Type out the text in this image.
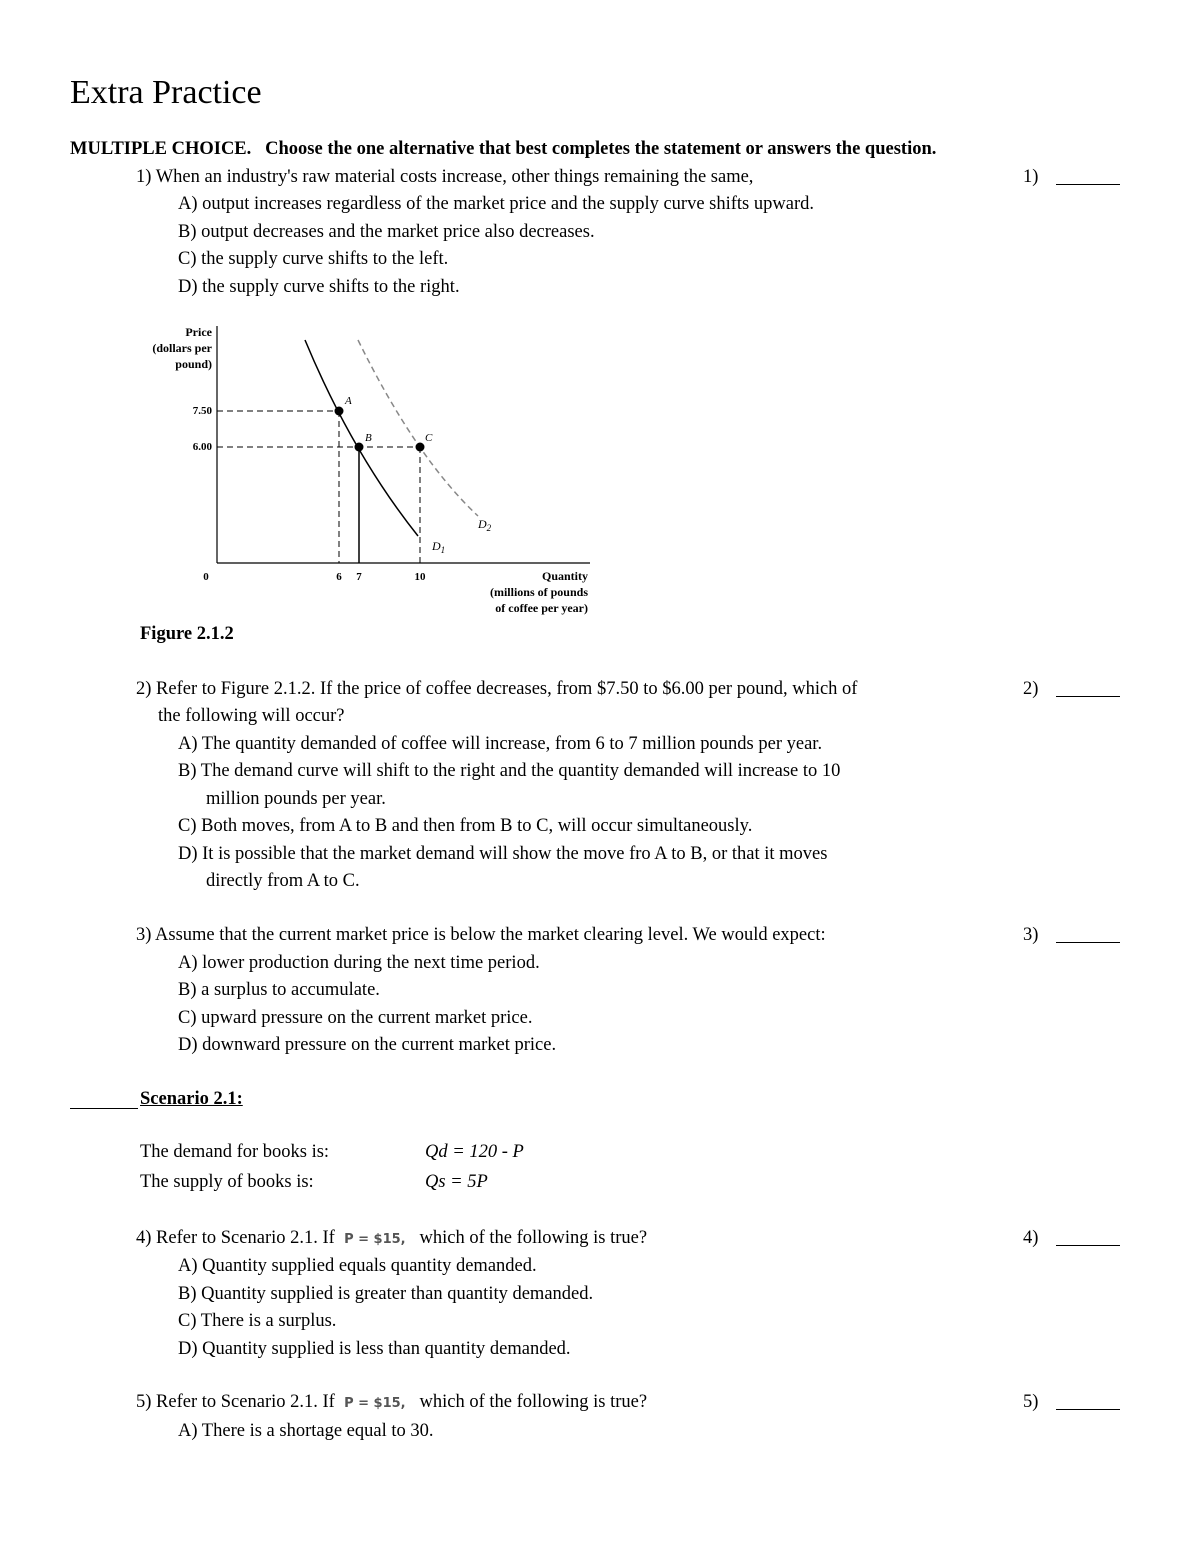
Extra Practice
MULTIPLE CHOICE. Choose the one alternative that best completes the statement or answers the question.
1) When an industry's raw material costs increase, other things remaining the same,	1)
A) output increases regardless of the market price and the supply curve shifts upward.
B) output decreases and the market price also decreases.
C) the supply curve shifts to the left.
D) the supply curve shifts to the right.
Price
(dollars per
pound)
7.50
6.00
0	6 7	10	Quantity
(millions of pounds
of coffee per year)
$D_1$
$D_2$
A
B	C
Figure 2.1.2
2) Refer to Figure 2.1.2. If the price of coffee decreases, from $7.50 to $6.00 per pound, which of
the following will occur?
2)
A) The quantity demanded of coffee will increase, from 6 to 7 million pounds per year.
B) The demand curve will shift to the right and the quantity demanded will increase to 10
million pounds per year.
C) Both moves, from A to B and then from B to C, will occur simultaneously.
D) It is possible that the market demand will show the move fro A to B, or that it moves
directly from A to C.
3) Assume that the current market price is below the market clearing level. We would expect:	3)
A) lower production during the next time period.
B) a surplus to accumulate.
C) upward pressure on the current market price.
D) downward pressure on the current market price.
Scenario 2.1:
The demand for books is:	Qd = 120 - P
The supply of books is:	Qs = 5P
4) Refer to Scenario 2.1. If P = $15, which of the following is true?	4)
A) Quantity supplied equals quantity demanded.
B) Quantity supplied is greater than quantity demanded.
C) There is a surplus.
D) Quantity supplied is less than quantity demanded.
5) Refer to Scenario 2.1. If P = $15, which of the following is true?	5)
A) There is a shortage equal to 30.
